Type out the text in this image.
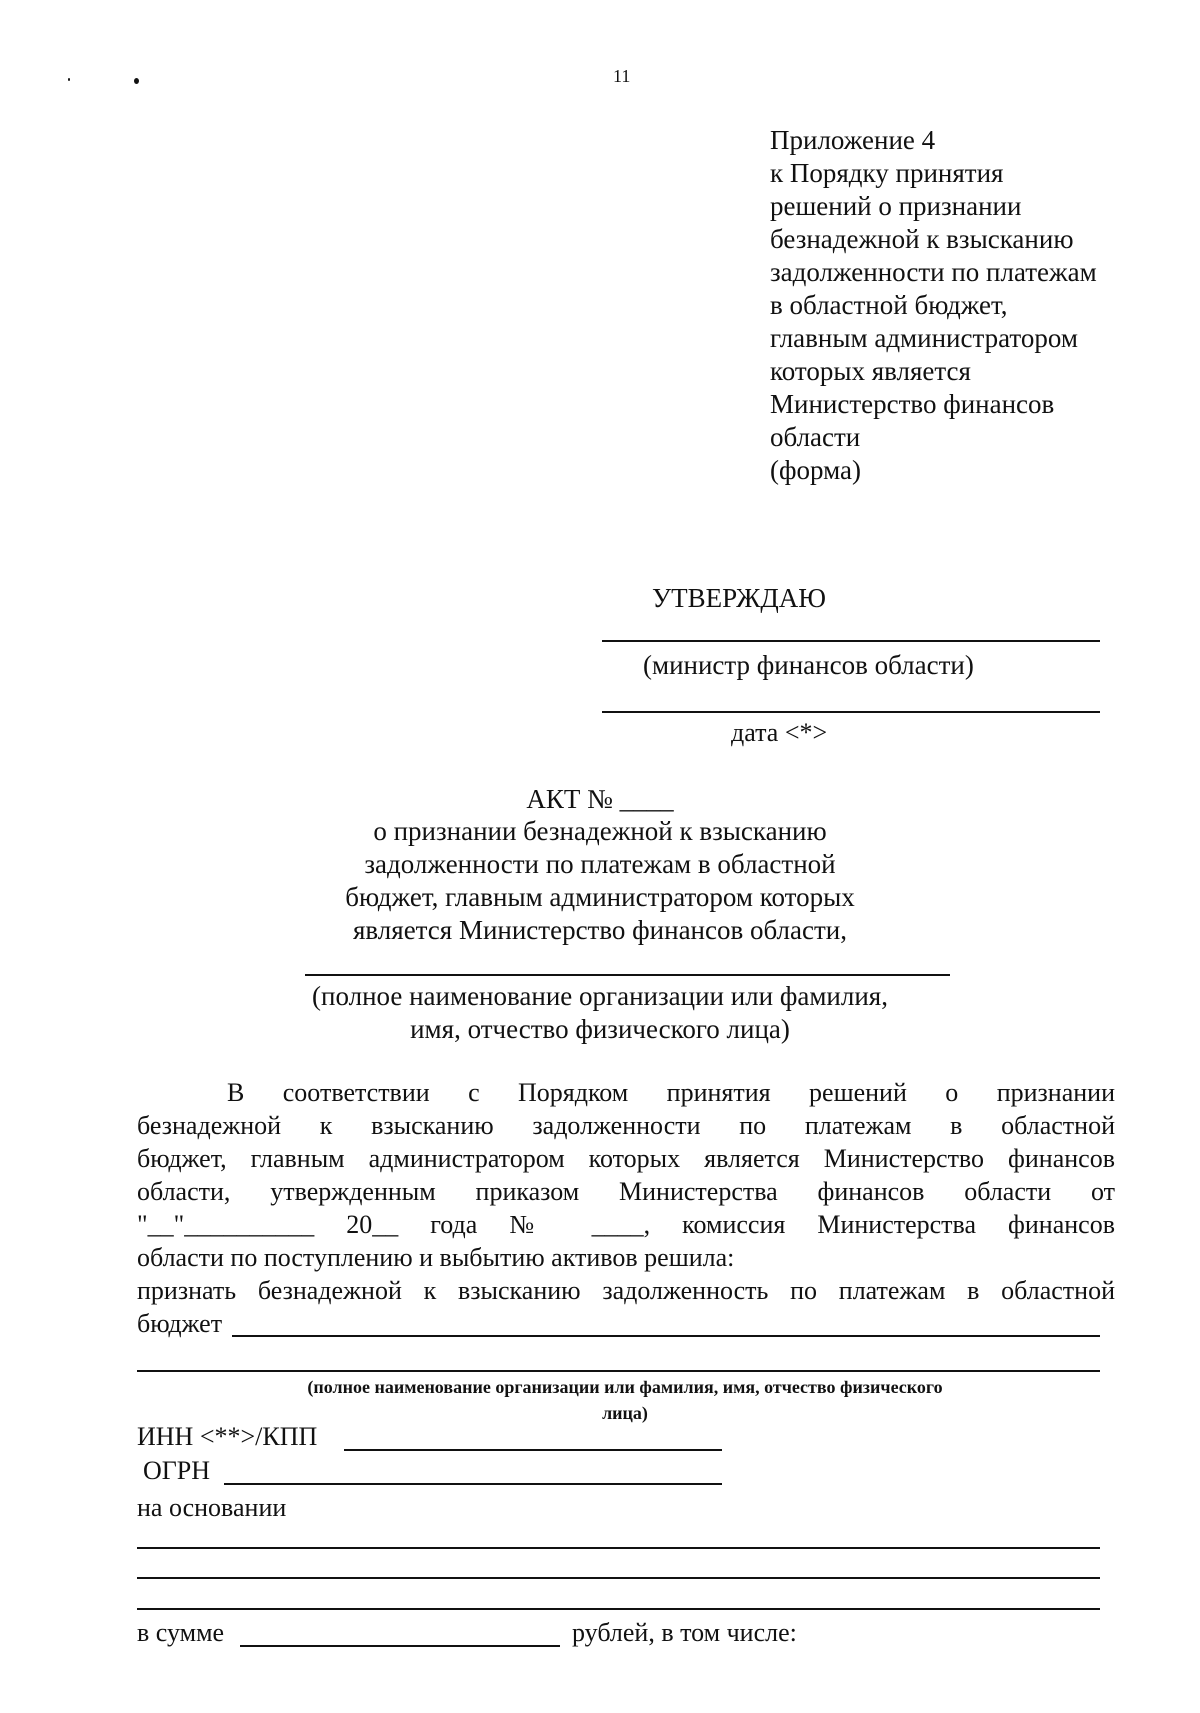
11
Приложение 4
к Порядку принятия
решений о признании
безнадежной к взысканию
задолженности по платежам
в областной бюджет,
главным администратором
которых является
Министерство финансов
области
(форма)
УТВЕРЖДАЮ
(министр финансов области)
дата <*>
АКТ № ____
о признании безнадежной к взысканию
задолженности по платежам в областной
бюджет, главным администратором которых
является Министерство финансов области,
(полное наименование организации или фамилия,
имя, отчество физического лица)
В соответствии с Порядком принятия решений о признании
безнадежной к взысканию задолженности по платежам в областной
бюджет, главным администратором которых является Министерство финансов
области, утвержденным приказом Министерства финансов области от
"__"__________ 20__ года № ____, комиссия Министерства финансов
области по поступлению и выбытию активов решила:
признать безнадежной к взысканию задолженность по платежам в областной
бюджет
(полное наименование организации или фамилия, имя, отчество физического
лица)
ИНН <**>/КПП
ОГРН
на основании
в сумме	рублей, в том числе:
